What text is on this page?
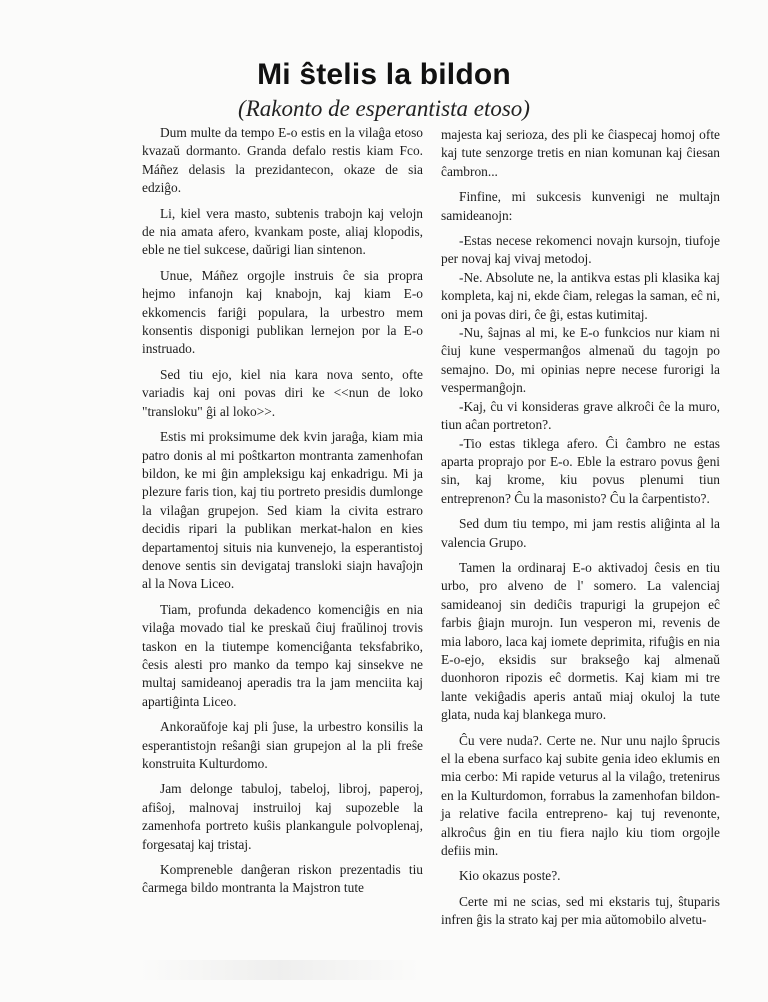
Mi ŝtelis la bildon
(Rakonto de esperantista etoso)

Dum multe da tempo E-o estis en la vilaĝa etoso kvazaŭ dormanto. Granda defalo restis kiam Fco. Máñez delasis la prezidantecon, okaze de sia edziĝo.

Li, kiel vera masto, subtenis trabojn kaj velojn de nia amata afero, kvankam poste, aliaj klopodis, eble ne tiel sukcese, daŭrigi lian sintenon.

Unue, Máñez orgojle instruis ĉe sia propra hejmo infanojn kaj knabojn, kaj kiam E-o ekkomencis fariĝi populara, la urbestro mem konsentis disponigi publikan lernejon por la E-o instruado.

Sed tiu ejo, kiel nia kara nova sento, ofte variadis kaj oni povas diri ke <<nun de loko "transloku" ĝi al loko>>.

Estis mi proksimume dek kvin jaraĝa, kiam mia patro donis al mi poŝtkarton montranta zamenhofan bildon, ke mi ĝin ampleksigu kaj enkadrigu. Mi ja plezure faris tion, kaj tiu portreto presidis dumlonge la vilaĝan grupejon. Sed kiam la civita estraro decidis ripari la publikan merkat-halon en kies departamentoj situis nia kunvenejo, la esperantistoj denove sentis sin devigataj transloki siajn havaĵojn al la Nova Liceo.

Tiam, profunda dekadenco komenciĝis en nia vilaĝa movado tial ke preskaŭ ĉiuj fraŭlinoj trovis taskon en la tiutempe komenciĝanta teksfabriko, ĉesis alesti pro manko da tempo kaj sinsekve ne multaj samideanoj aperadis tra la jam menciita kaj apartiĝinta Liceo.

Ankoraŭfoje kaj pli ĵuse, la urbestro konsilis la esperantistojn reŝanĝi sian grupejon al la pli freŝe konstruita Kulturdomo.

Jam delonge tabuloj, tabeloj, libroj, paperoj, afiŝoj, malnovaj instruiloj kaj supozeble la zamenhofa portreto kuŝis plankangule polvoplenaj, forgesataj kaj tristaj.

Kompreneble danĝeran riskon prezentadis tiu ĉarmega bildo montranta la Majstron tute

majesta kaj serioza, des pli ke ĉiaspecaj homoj ofte kaj tute senzorge tretis en nian komunan kaj ĉiesan ĉambron...

Finfine, mi sukcesis kunvenigi ne multajn samideanojn:

-Estas necese rekomenci novajn kursojn, tiufoje per novaj kaj vivaj metodoj.

-Ne. Absolute ne, la antikva estas pli klasika kaj kompleta, kaj ni, ekde ĉiam, relegas la saman, eĉ ni, oni ja povas diri, ĉe ĝi, estas kutimitaj.

-Nu, ŝajnas al mi, ke E-o funkcios nur kiam ni ĉiuj kune vespermanĝos almenaŭ du tagojn po semajno. Do, mi opinias nepre necese furorigi la vespermanĝojn.

-Kaj, ĉu vi konsideras grave alkroĉi ĉe la muro, tiun aĉan portreton?.

-Tio estas tiklega afero. Ĉi ĉambro ne estas aparta proprajo por E-o. Eble la estraro povus ĝeni sin, kaj krome, kiu povus plenumi tiun entreprenon? Ĉu la masonisto? Ĉu la ĉarpentisto?.

Sed dum tiu tempo, mi jam restis aliĝinta al la valencia Grupo.

Tamen la ordinaraj E-o aktivadoj ĉesis en tiu urbo, pro alveno de l' somero. La valenciaj samideanoj sin dediĉis trapurigi la grupejon eĉ farbis ĝiajn murojn. Iun vesperon mi, revenis de mia laboro, laca kaj iomete deprimita, rifuĝis en nia E-o-ejo, eksidis sur brakseĝo kaj almenaŭ duonhoron ripozis eĉ dormetis. Kaj kiam mi tre lante vekiĝadis aperis antaŭ miaj okuloj la tute glata, nuda kaj blankega muro.

Ĉu vere nuda?. Certe ne. Nur unu najlo ŝprucis el la ebena surfaco kaj subite genia ideo eklumis en mia cerbo: Mi rapide veturus al la vilaĝo, tretenirus en la Kulturdomon, forrabus la zamenhofan bildon- ja relative facila entrepreno- kaj tuj revenonte, alkroĉus ĝin en tiu fiera najlo kiu tiom orgojle defiis min.

Kio okazus poste?.

Certe mi ne scias, sed mi ekstaris tuj, ŝtuparis infren ĝis la strato kaj per mia aŭtomobilo alvetu-
